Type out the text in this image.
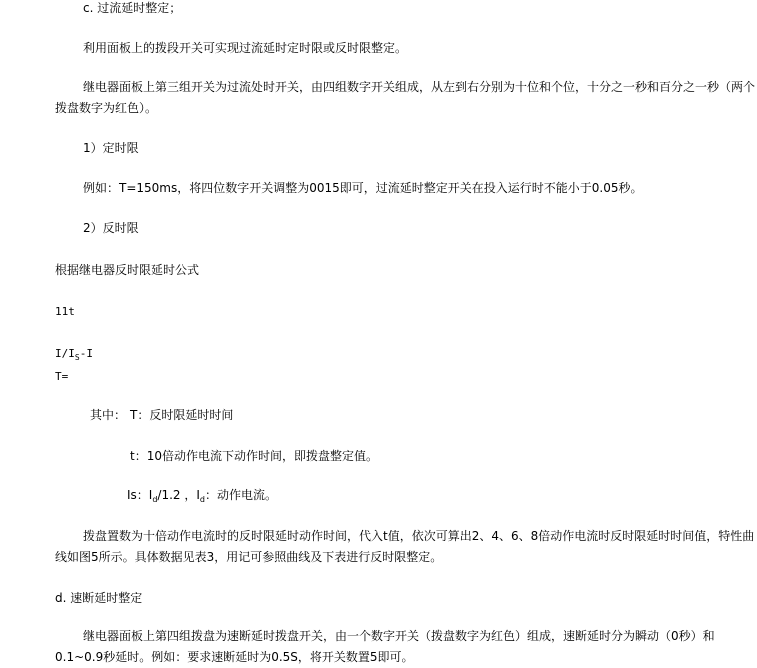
c. 过流延时整定；
利用面板上的拨段开关可实现过流延时定时限或反时限整定。
继电器面板上第三组开关为过流处时开关，由四组数字开关组成，从左到右分别为十位和个位，十分之一秒和百分之一秒（两个拨盘数字为红色）。
1）定时限
例如：T=150ms，将四位数字开关调整为0015即可，过流延时整定开关在投入运行时不能小于0.05秒。
2）反时限
根据继电器反时限延时公式
11t
$I/I_S-I$
T=
其中： T：反时限延时时间
t：10倍动作电流下动作时间，即拨盘整定值。
Is：$I_d/1.2$ ，$I_d$：动作电流。
拨盘置数为十倍动作电流时的反时限延时动作时间，代入t值，依次可算出2、4、6、8倍动作电流时反时限延时时间值，特性曲线如图5所示。具体数据见表3，用记可参照曲线及下表进行反时限整定。
d. 速断延时整定
继电器面板上第四组拨盘为速断延时拨盘开关，由一个数字开关（拨盘数字为红色）组成，速断延时分为瞬动（0秒）和0.1~0.9秒延时。例如：要求速断延时为0.5S，将开关数置5即可。
